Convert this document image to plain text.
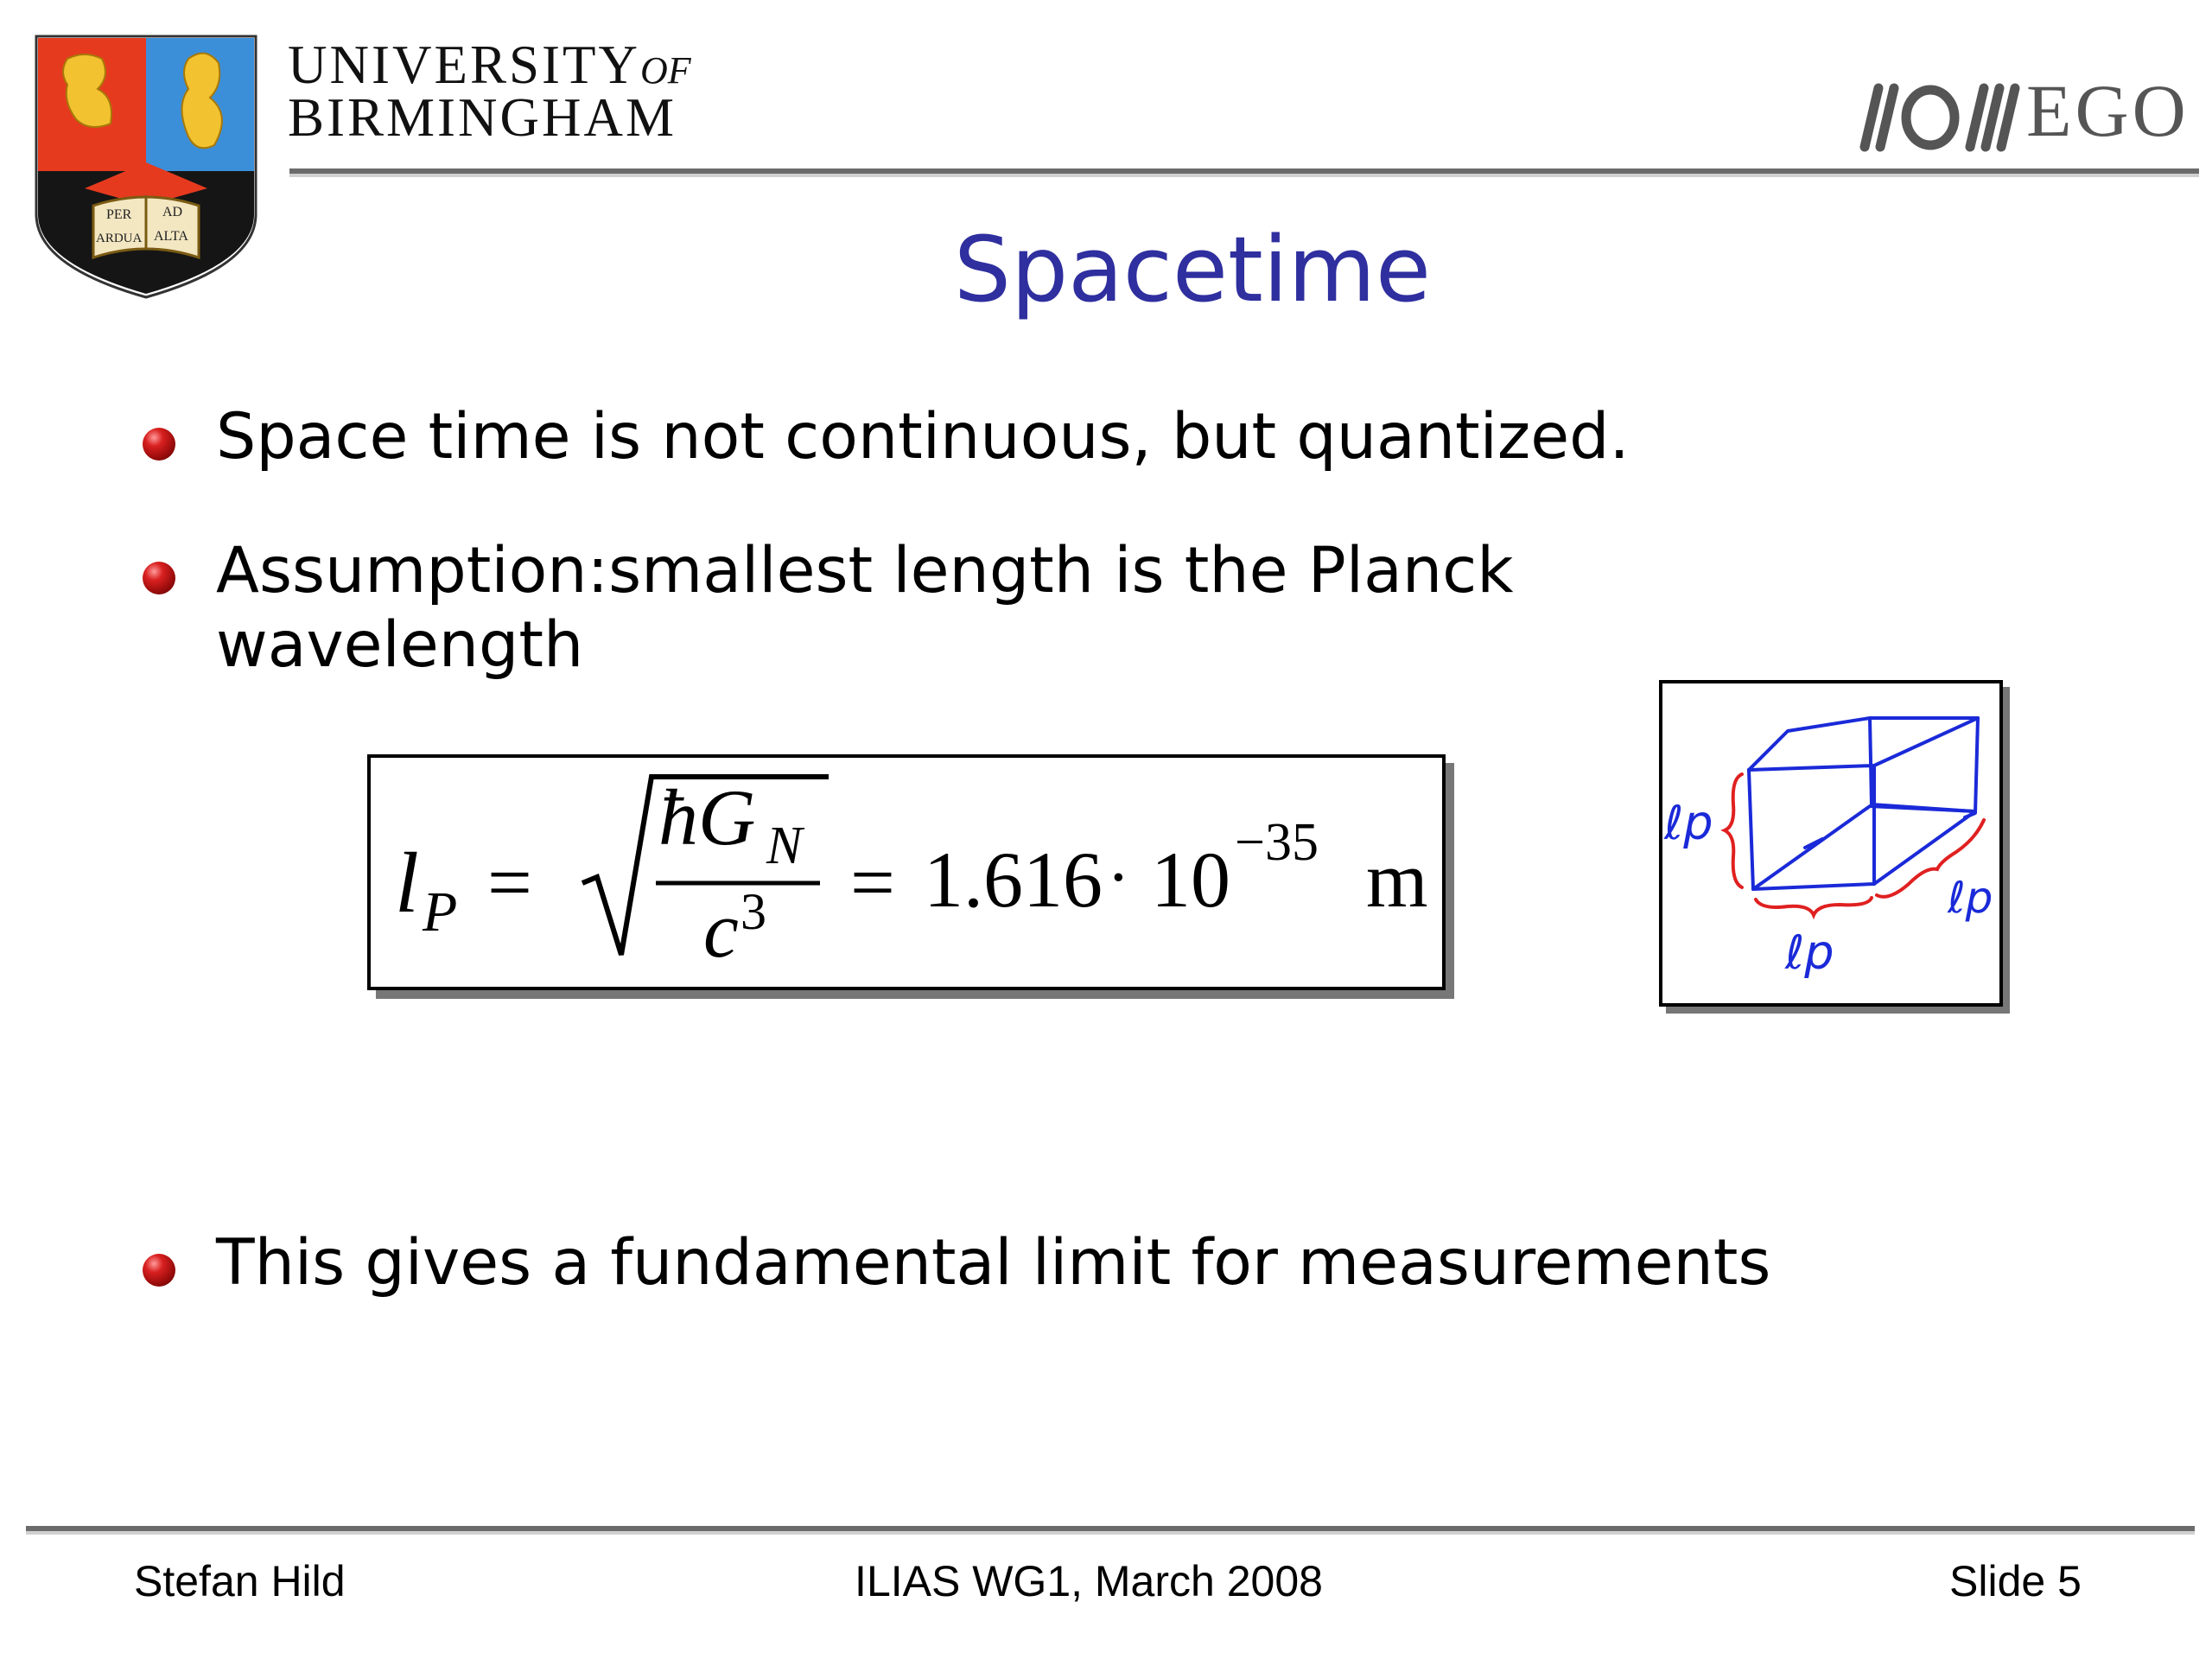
PER AD
ARDUA ALTA
UNIVERSITYOF
BIRMINGHAM	EGO
Spacetime
Space time is not continuous, but quantized.
Assumption:smallest length is the Planck
wavelength
l P =
ħG N
c 3 = 1.616 · 10 −35 m
ℓp
ℓp
ℓp
This gives a fundamental limit for measurements
Stefan Hild	ILIAS WG1, March 2008	Slide 5
